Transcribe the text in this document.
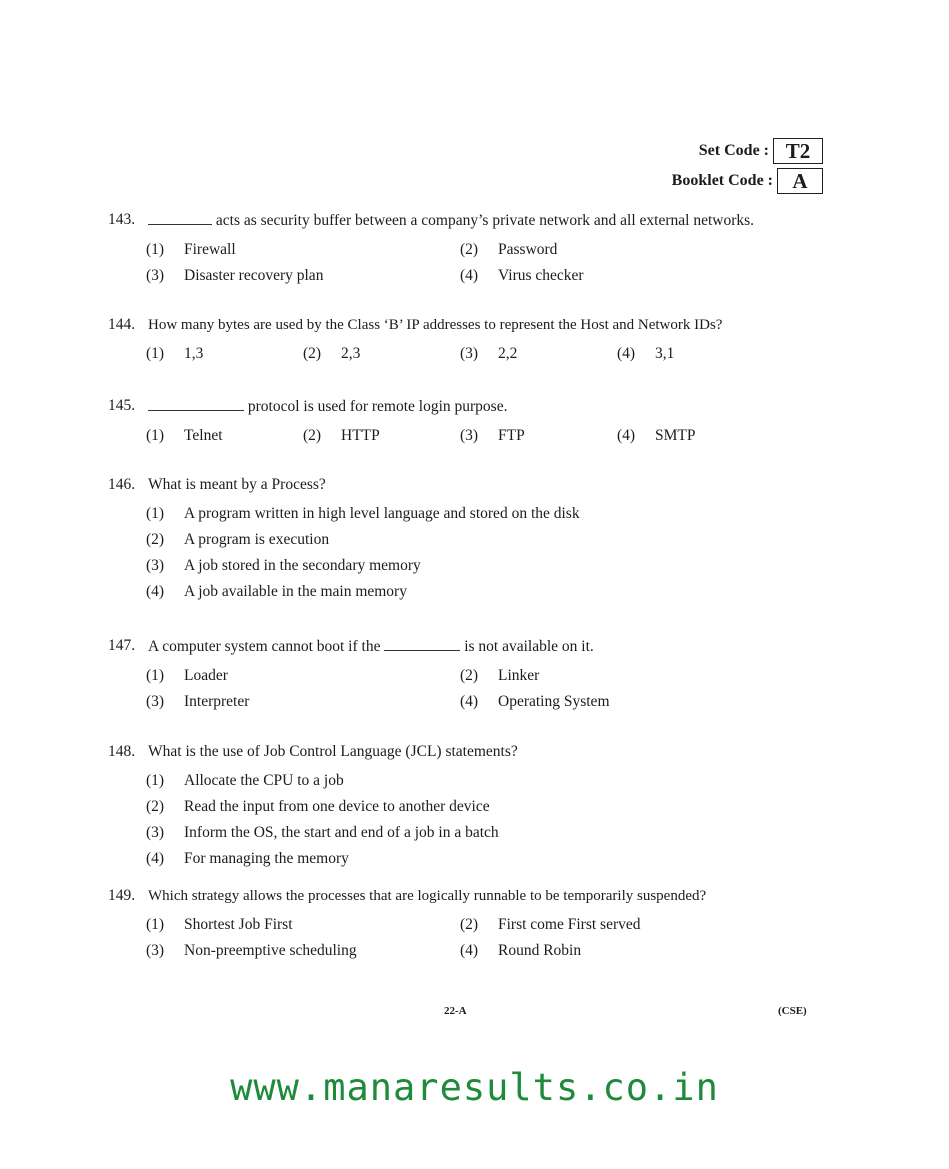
Set Code : T2
Booklet Code : A
143.	acts as security buffer between a company’s private network and all external networks.
(1)	Firewall	(2)	Password
(3)	Disaster recovery plan	(4)	Virus checker
144. How many bytes are used by the Class ‘B’ IP addresses to represent the Host and Network IDs?
(1)	1,3	(2)	2,3	(3)	2,2	(4)	3,1
145.	protocol is used for remote login purpose.
(1)	Telnet	(2)	HTTP	(3)	FTP	(4)	SMTP
146. What is meant by a Process?
(1)	A program written in high level language and stored on the disk
(2)	A program is execution
(3)	A job stored in the secondary memory
(4)	A job available in the main memory
147. A computer system cannot boot if the	is not available on it.
(1)	Loader	(2)	Linker
(3)	Interpreter	(4)	Operating System
148. What is the use of Job Control Language (JCL) statements?
(1)	Allocate the CPU to a job
(2)	Read the input from one device to another device
(3)	Inform the OS, the start and end of a job in a batch
(4)	For managing the memory
149. Which strategy allows the processes that are logically runnable to be temporarily suspended?
(1)	Shortest Job First	(2)	First come First served
(3)	Non-preemptive scheduling	(4)	Round Robin
22-A	(CSE)
www.manaresults.co.in
